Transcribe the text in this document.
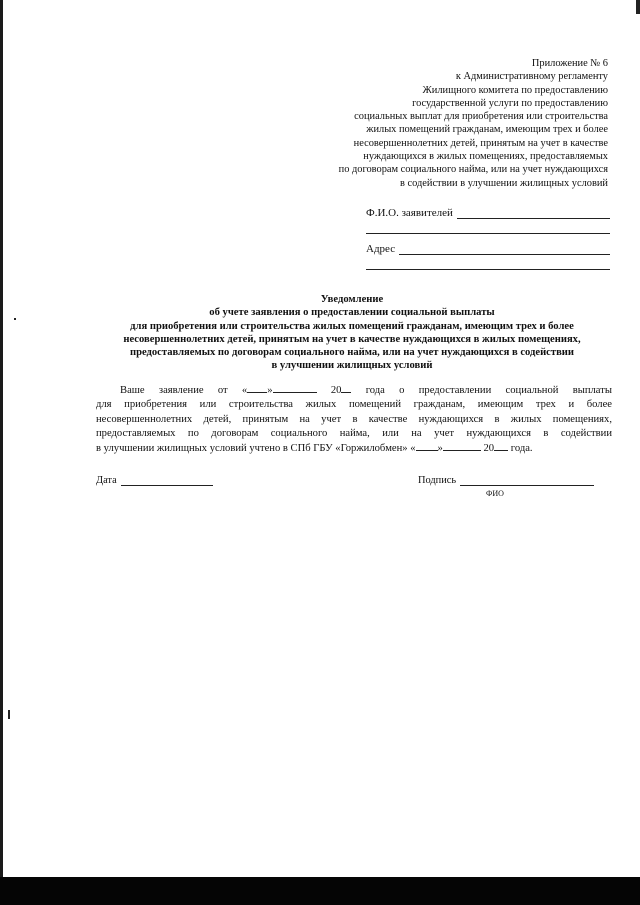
Приложение № 6
к Административному регламенту
Жилищного комитета по предоставлению
государственной услуги по предоставлению
социальных выплат для приобретения или строительства
жилых помещений гражданам, имеющим трех и более
несовершеннолетних детей, принятым на учет в качестве
нуждающихся в жилых помещениях, предоставляемых
по договорам социального найма, или на учет нуждающихся
в содействии в улучшении жилищных условий
Ф.И.О. заявителей
Адрес
Уведомление
об учете заявления о предоставлении социальной выплаты
для приобретения или строительства жилых помещений гражданам, имеющим трех и более
несовершеннолетних детей, принятым на учет в качестве нуждающихся в жилых помещениях,
предоставляемых по договорам социального найма, или на учет нуждающихся в содействии
в улучшении жилищных условий
Ваше заявление от « »	20 года о предоставлении социальной выплаты
для приобретения или строительства жилых помещений гражданам, имеющим трех и более
несовершеннолетних детей, принятым на учет в качестве нуждающихся в жилых помещениях,
предоставляемых по договорам социального найма, или на учет нуждающихся в содействии
в улучшении жилищных условий учтено в СПб ГБУ «Горжилобмен» « »	20 года.
Дата	Подпись
ФИО
